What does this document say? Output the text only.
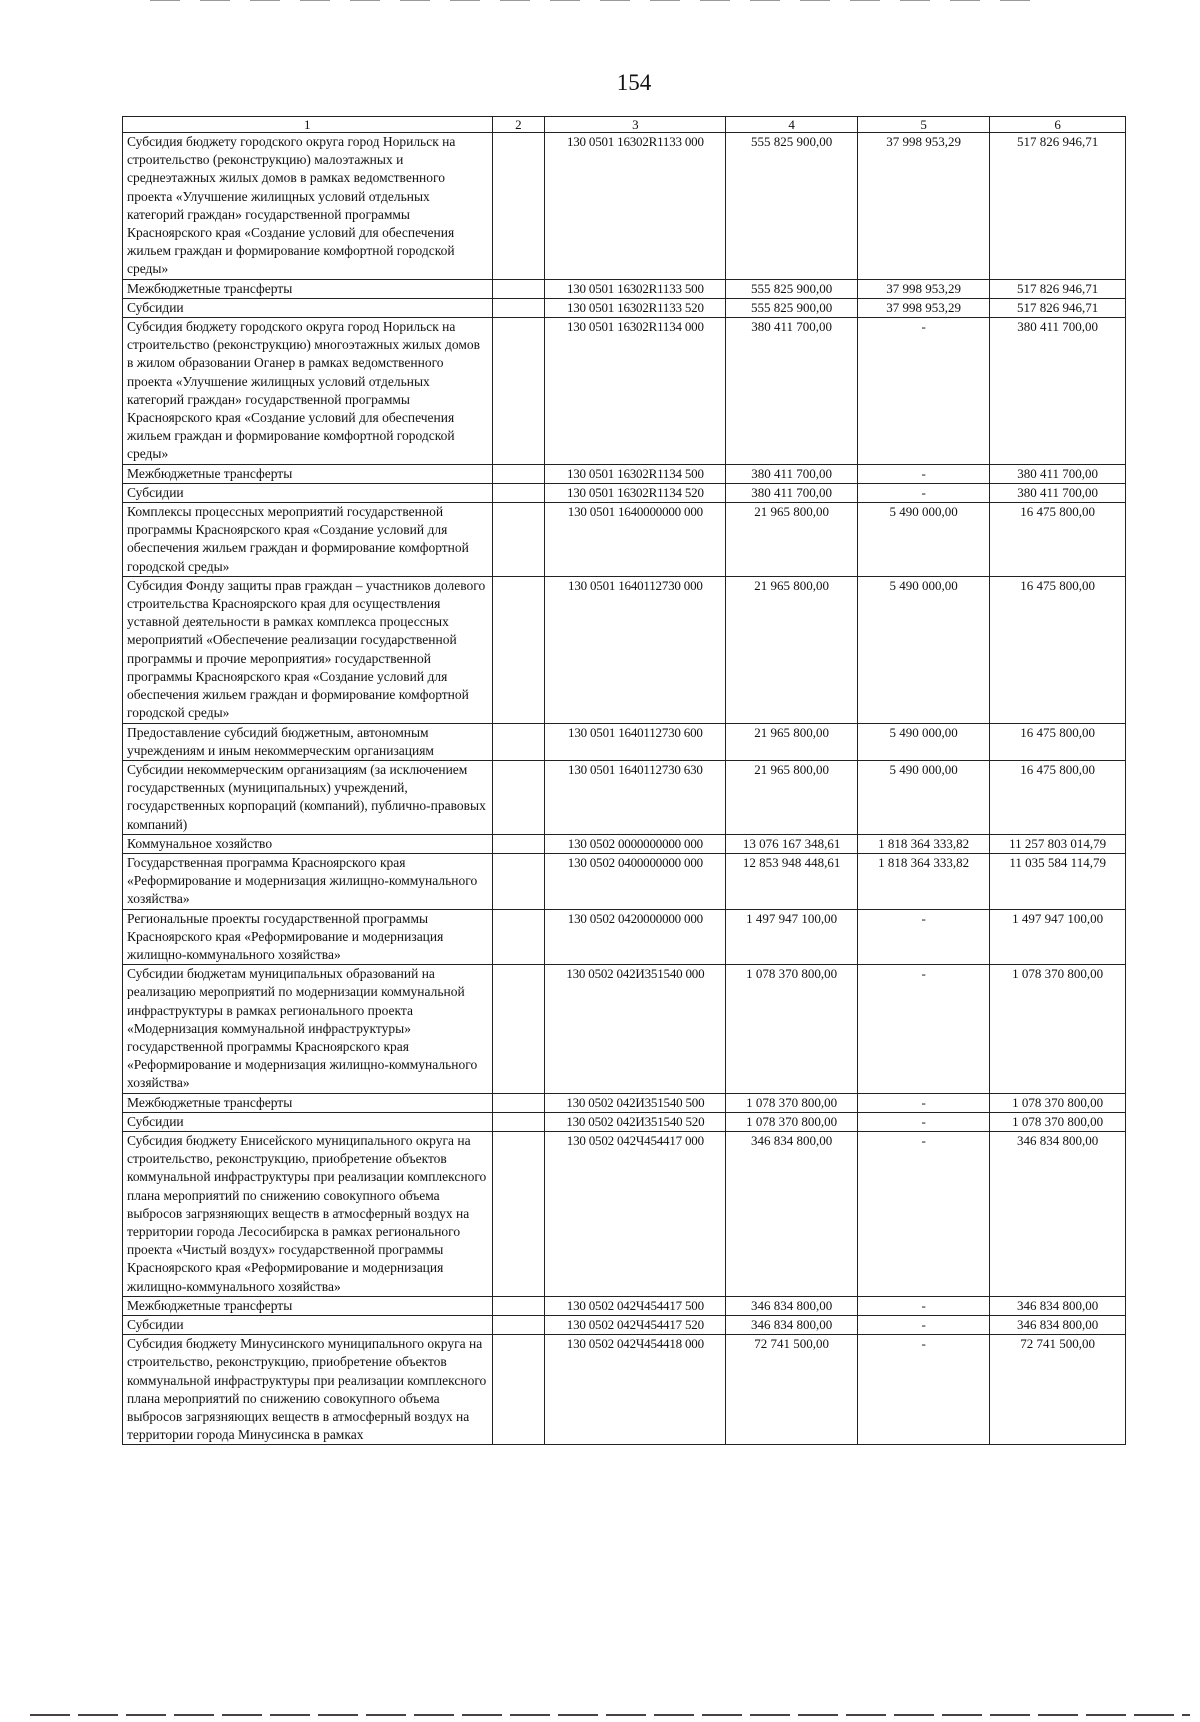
154
1	2	3	4	5	6
Субсидия бюджету городского округа город Норильск на строительство (реконструкцию) малоэтажных и среднеэтажных жилых домов в рамках ведомственного проекта «Улучшение жилищных условий отдельных категорий граждан» государственной программы Красноярского края «Создание условий для обеспечения жильем граждан и формирование комфортной городской среды»		130 0501 16302R1133 000	555 825 900,00	37 998 953,29	517 826 946,71
Межбюджетные трансферты		130 0501 16302R1133 500	555 825 900,00	37 998 953,29	517 826 946,71
Субсидии		130 0501 16302R1133 520	555 825 900,00	37 998 953,29	517 826 946,71
Субсидия бюджету городского округа город Норильск на строительство (реконструкцию) многоэтажных жилых домов в жилом образовании Оганер в рамках ведомственного проекта «Улучшение жилищных условий отдельных категорий граждан» государственной программы Красноярского края «Создание условий для обеспечения жильем граждан и формирование комфортной городской среды»		130 0501 16302R1134 000	380 411 700,00	-	380 411 700,00
Межбюджетные трансферты		130 0501 16302R1134 500	380 411 700,00	-	380 411 700,00
Субсидии		130 0501 16302R1134 520	380 411 700,00	-	380 411 700,00
Комплексы процессных мероприятий государственной программы Красноярского края «Создание условий для обеспечения жильем граждан и формирование комфортной городской среды»		130 0501 1640000000 000	21 965 800,00	5 490 000,00	16 475 800,00
Субсидия Фонду защиты прав граждан – участников долевого строительства Красноярского края для осуществления уставной деятельности в рамках комплекса процессных мероприятий «Обеспечение реализации государственной программы и прочие мероприятия» государственной программы Красноярского края «Создание условий для обеспечения жильем граждан и формирование комфортной городской среды»		130 0501 1640112730 000	21 965 800,00	5 490 000,00	16 475 800,00
Предоставление субсидий бюджетным, автономным учреждениям и иным некоммерческим организациям		130 0501 1640112730 600	21 965 800,00	5 490 000,00	16 475 800,00
Субсидии некоммерческим организациям (за исключением государственных (муниципальных) учреждений, государственных корпораций (компаний), публично-правовых компаний)		130 0501 1640112730 630	21 965 800,00	5 490 000,00	16 475 800,00
Коммунальное хозяйство		130 0502 0000000000 000	13 076 167 348,61	1 818 364 333,82	11 257 803 014,79
Государственная программа Красноярского края «Реформирование и модернизация жилищно-коммунального хозяйства»		130 0502 0400000000 000	12 853 948 448,61	1 818 364 333,82	11 035 584 114,79
Региональные проекты государственной программы Красноярского края «Реформирование и модернизация жилищно-коммунального хозяйства»		130 0502 0420000000 000	1 497 947 100,00	-	1 497 947 100,00
Субсидии бюджетам муниципальных образований на реализацию мероприятий по модернизации коммунальной инфраструктуры в рамках регионального проекта «Модернизация коммунальной инфраструктуры» государственной программы Красноярского края «Реформирование и модернизация жилищно-коммунального хозяйства»		130 0502 042И351540 000	1 078 370 800,00	-	1 078 370 800,00
Межбюджетные трансферты		130 0502 042И351540 500	1 078 370 800,00	-	1 078 370 800,00
Субсидии		130 0502 042И351540 520	1 078 370 800,00	-	1 078 370 800,00
Субсидия бюджету Енисейского муниципального округа на строительство, реконструкцию, приобретение объектов коммунальной инфраструктуры при реализации комплексного плана мероприятий по снижению совокупного объема выбросов загрязняющих веществ в атмосферный воздух на территории города Лесосибирска в рамках регионального проекта «Чистый воздух» государственной программы Красноярского края «Реформирование и модернизация жилищно-коммунального хозяйства»		130 0502 042Ч454417 000	346 834 800,00	-	346 834 800,00
Межбюджетные трансферты		130 0502 042Ч454417 500	346 834 800,00	-	346 834 800,00
Субсидии		130 0502 042Ч454417 520	346 834 800,00	-	346 834 800,00
Субсидия бюджету Минусинского муниципального округа на строительство, реконструкцию, приобретение объектов коммунальной инфраструктуры при реализации комплексного плана мероприятий по снижению совокупного объема выбросов загрязняющих веществ в атмосферный воздух на территории города Минусинска в рамках		130 0502 042Ч454418 000	72 741 500,00	-	72 741 500,00
